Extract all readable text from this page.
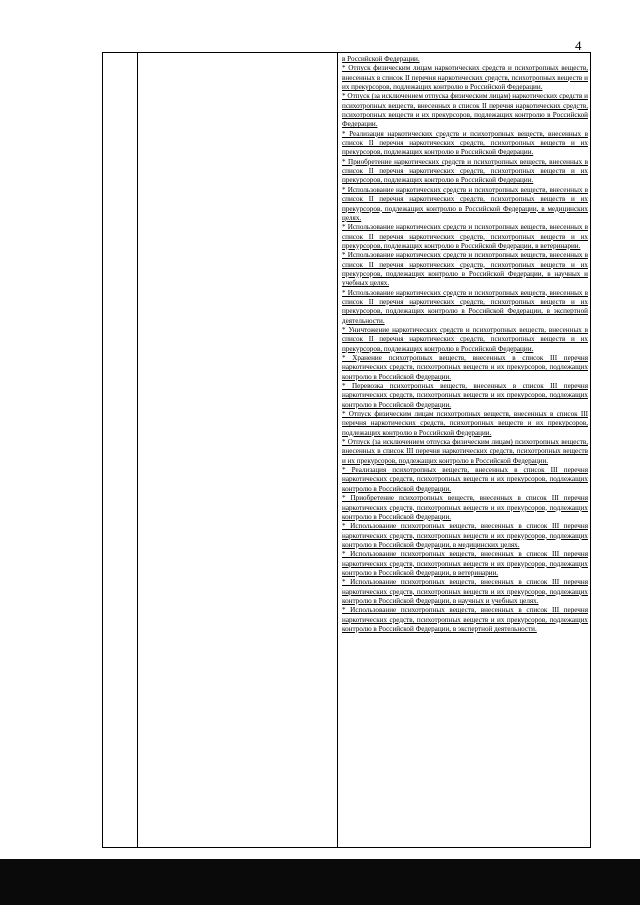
4

в Российской Федерации.

* Отпуск физическим лицам наркотических средств и психотропных веществ, внесенных в список II перечня наркотических средств, психотропных веществ и их прекурсоров, подлежащих контролю в Российской Федерации.

* Отпуск (за исключением отпуска физическим лицам) наркотических средств и психотропных веществ, внесенных в список II перечня наркотических средств, психотропных веществ и их прекурсоров, подлежащих контролю в Российской Федерации.

* Реализация наркотических средств и психотропных веществ, внесенных в список II перечня наркотических средств, психотропных веществ и их прекурсоров, подлежащих контролю в Российской Федерации.

* Приобретение наркотических средств и психотропных веществ, внесенных в список II перечня наркотических средств, психотропных веществ и их прекурсоров, подлежащих контролю в Российской Федерации.

* Использование наркотических средств и психотропных веществ, внесенных в список II перечня наркотических средств, психотропных веществ и их прекурсоров, подлежащих контролю в Российской Федерации, в медицинских целях.

* Использование наркотических средств и психотропных веществ, внесенных в список II перечня наркотических средств, психотропных веществ и их прекурсоров, подлежащих контролю в Российской Федерации, в ветеринарии.

* Использование наркотических средств и психотропных веществ, внесенных в список II перечня наркотических средств, психотропных веществ и их прекурсоров, подлежащих контролю в Российской Федерации, в научных и учебных целях.

* Использование наркотических средств и психотропных веществ, внесенных в список II перечня наркотических средств, психотропных веществ и их прекурсоров, подлежащих контролю в Российской Федерации, в экспертной деятельности.

* Уничтожение наркотических средств и психотропных веществ, внесенных в список II перечня наркотических средств, психотропных веществ и их прекурсоров, подлежащих контролю в Российской Федерации.

* Хранение психотропных веществ, внесенных в список III перечня наркотических средств, психотропных веществ и их прекурсоров, подлежащих контролю в Российской Федерации.

* Перевозка психотропных веществ, внесенных в список III перечня наркотических средств, психотропных веществ и их прекурсоров, подлежащих контролю в Российской Федерации.

* Отпуск физическим лицам психотропных веществ, внесенных в список III перечня наркотических средств, психотропных веществ и их прекурсоров, подлежащих контролю в Российской Федерации.

* Отпуск (за исключением отпуска физическим лицам) психотропных веществ, внесенных в список III перечня наркотических средств, психотропных веществ и их прекурсоров, подлежащих контролю в Российской Федерации.

* Реализация психотропных веществ, внесенных в список III перечня наркотических средств, психотропных веществ и их прекурсоров, подлежащих контролю в Российской Федерации.

* Приобретение психотропных веществ, внесенных в список III перечня наркотических средств, психотропных веществ и их прекурсоров, подлежащих контролю в Российской Федерации.

* Использование психотропных веществ, внесенных в список III перечня наркотических средств, психотропных веществ и их прекурсоров, подлежащих контролю в Российской Федерации, в медицинских целях.

* Использование психотропных веществ, внесенных в список III перечня наркотических средств, психотропных веществ и их прекурсоров, подлежащих контролю в Российской Федерации, в ветеринарии.

* Использование психотропных веществ, внесенных в список III перечня наркотических средств, психотропных веществ и их прекурсоров, подлежащих контролю в Российской Федерации, в научных и учебных целях.

* Использование психотропных веществ, внесенных в список III перечня наркотических средств, психотропных веществ и их прекурсоров, подлежащих контролю в Российской Федерации, в экспертной деятельности.
